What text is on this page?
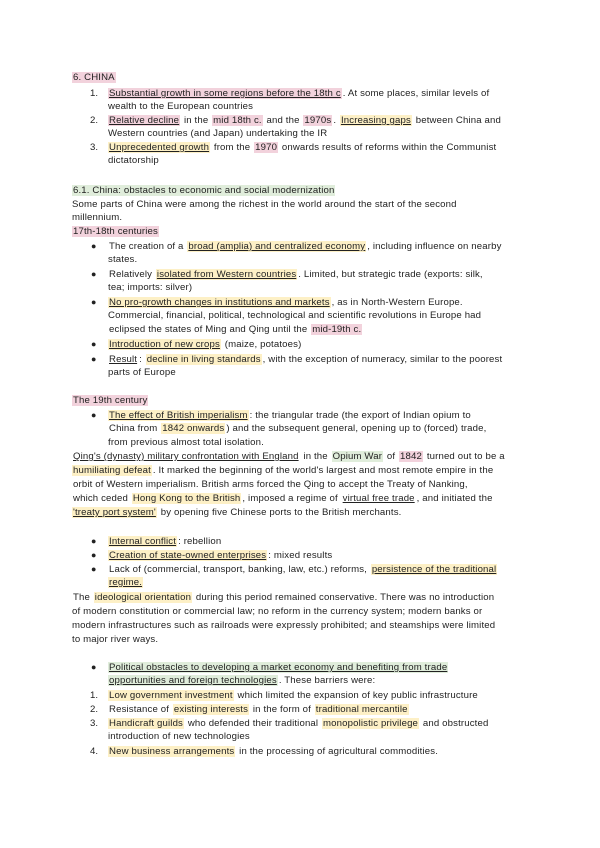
6. CHINA
1. Substantial growth in some regions before the 18th c . At some places, similar levels of
wealth to the European countries
2. Relative decline in the mid 18th c. and the 1970s . Increasing gaps between China and
Western countries (and Japan) undertaking the IR
3. Unprecedented growth from the 1970 onwards results of reforms within the Communist
dictatorship
6.1. China: obstacles to economic and social modernization
Some parts of China were among the richest in the world around the start of the second
millennium.
17th-18th centuries
● The creation of a broad (amplia) and centralized economy , including influence on nearby
states.
● Relatively isolated from Western countries . Limited, but strategic trade (exports: silk,
tea; imports: silver)
● No pro-growth changes in institutions and markets , as in North-Western Europe.
Commercial, financial, political, technological and scientific revolutions in Europe had
eclipsed the states of Ming and Qing until the mid-19th c.
● Introduction of new crops (maize, potatoes)
● Result : decline in living standards , with the exception of numeracy, similar to the poorest
parts of Europe
The 19th century
● The effect of British imperialism : the triangular trade (the export of Indian opium to
China from 1842 onwards ) and the subsequent general, opening up to (forced) trade,
from previous almost total isolation.
Qing's (dynasty) military confrontation with England in the Opium War of 1842 turned out to be a
humiliating defeat . It marked the beginning of the world's largest and most remote empire in the
orbit of Western imperialism. British arms forced the Qing to accept the Treaty of Nanking,
which ceded Hong Kong to the British , imposed a regime of virtual free trade , and initiated the
'treaty port system' by opening five Chinese ports to the British merchants.
● Internal conflict : rebellion
● Creation of state-owned enterprises : mixed results
● Lack of (commercial, transport, banking, law, etc.) reforms, persistence of the traditional
regime.
The ideological orientation during this period remained conservative. There was no introduction
of modern constitution or commercial law; no reform in the currency system; modern banks or
modern infrastructures such as railroads were expressly prohibited; and steamships were limited
to major river ways.
● Political obstacles to developing a market economy and benefiting from trade
opportunities and foreign technologies . These barriers were:
1. Low government investment which limited the expansion of key public infrastructure
2. Resistance of existing interests in the form of traditional mercantile
3. Handicraft guilds who defended their traditional monopolistic privilege and obstructed
introduction of new technologies
4. New business arrangements in the processing of agricultural commodities.
